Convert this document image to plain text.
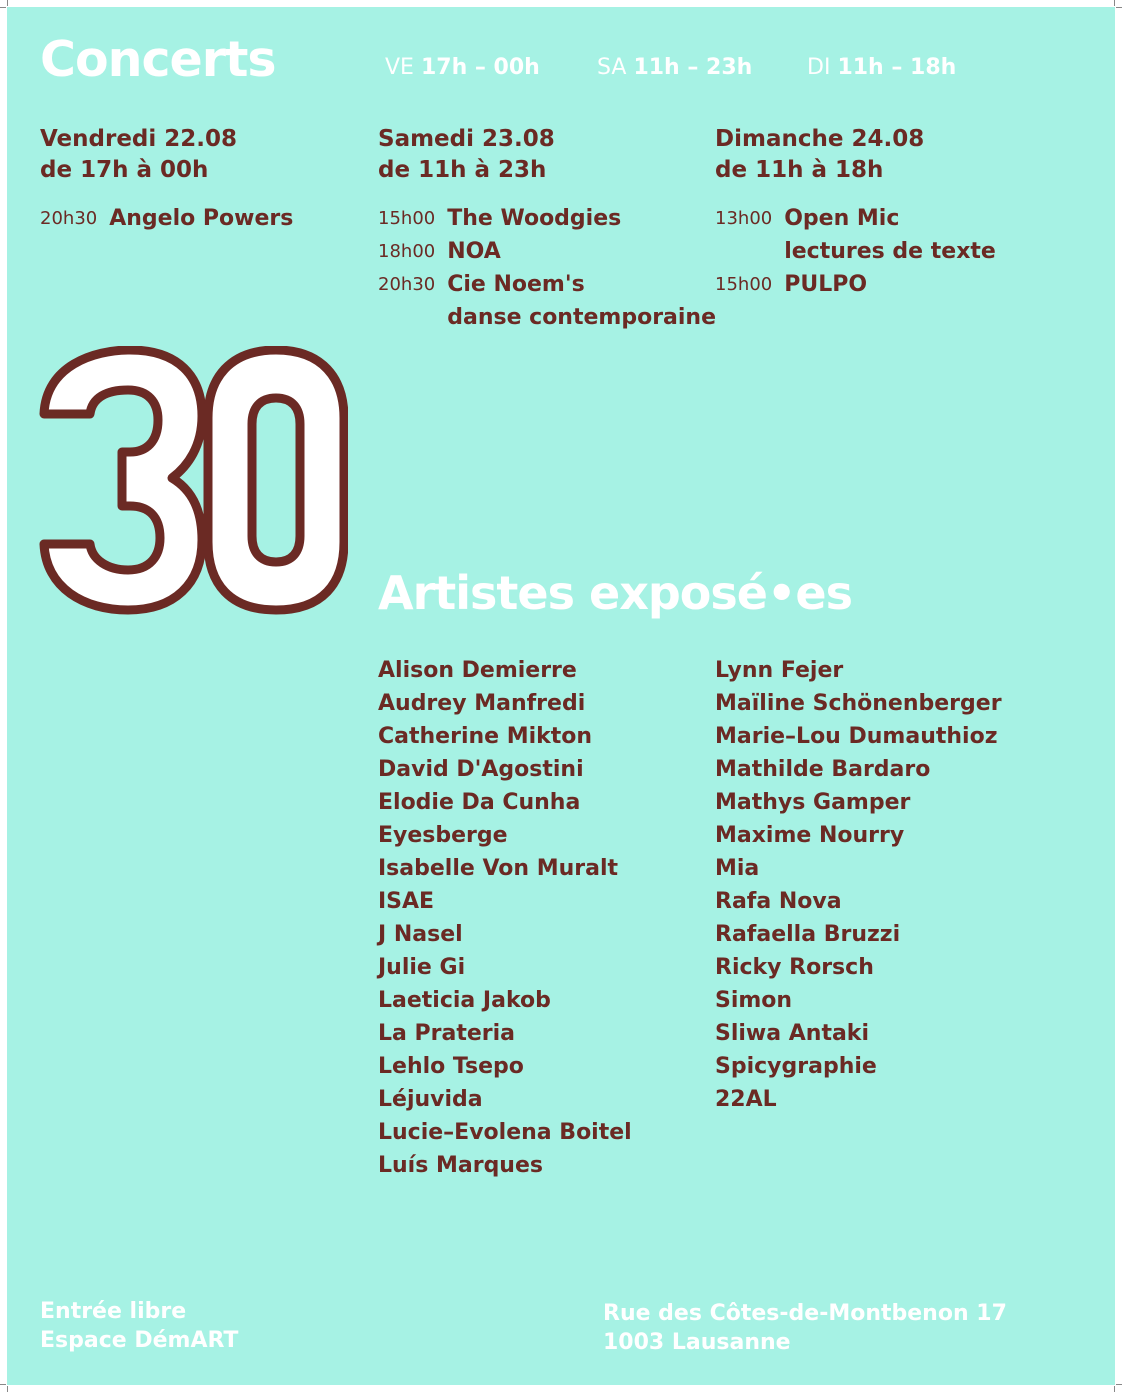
Concerts	VE 17h – 00h	SA 11h – 23h DI 11h – 18h
Vendredi 22.08
de 17h à 00h
20h30 Angelo Powers
Samedi 23.08
de 11h à 23h
15h00 The Woodgies
18h00 NOA
20h30 Cie Noem's
danse contemporaine
Dimanche 24.08
de 11h à 18h
13h00 Open Mic
lectures de texte
15h00 PULPO
30
Artistes exposé•es
Alison Demierre
Audrey Manfredi
Catherine Mikton
David D'Agostini
Elodie Da Cunha
Eyesberge
Isabelle Von Muralt
ISAE
J Nasel
Julie Gi
Laeticia Jakob
La Prateria
Lehlo Tsepo
Léjuvida
Lucie–Evolena Boitel
Luís Marques
Lynn Fejer
Maïline Schönenberger
Marie–Lou Dumauthioz
Mathilde Bardaro
Mathys Gamper
Maxime Nourry
Mia
Rafa Nova
Rafaella Bruzzi
Ricky Rorsch
Simon
Sliwa Antaki
Spicygraphie
22AL
Entrée libre
Espace DémART
Rue des Côtes-de-Montbenon 17
1003 Lausanne
